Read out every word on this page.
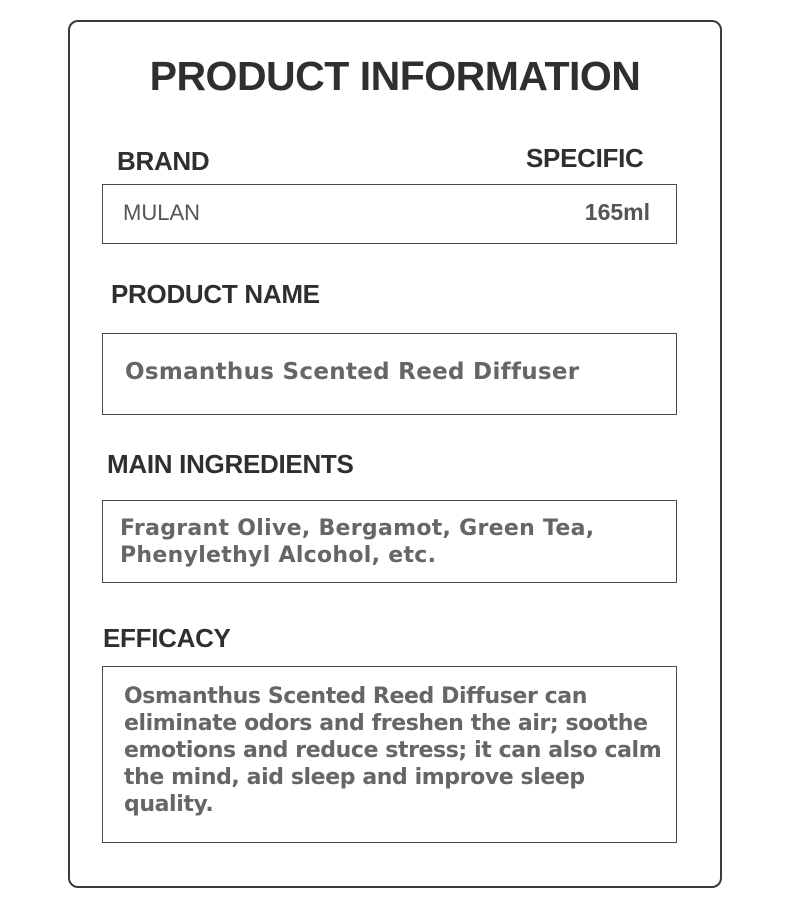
PRODUCT INFORMATION
BRAND	SPECIFIC
MULAN	165ml
PRODUCT NAME
Osmanthus Scented Reed Diffuser
MAIN INGREDIENTS
Fragrant Olive, Bergamot, Green Tea, Phenylethyl Alcohol, etc.
EFFICACY
Osmanthus Scented Reed Diffuser can eliminate odors and freshen the air; soothe emotions and reduce stress; it can also calm the mind, aid sleep and improve sleep quality.
